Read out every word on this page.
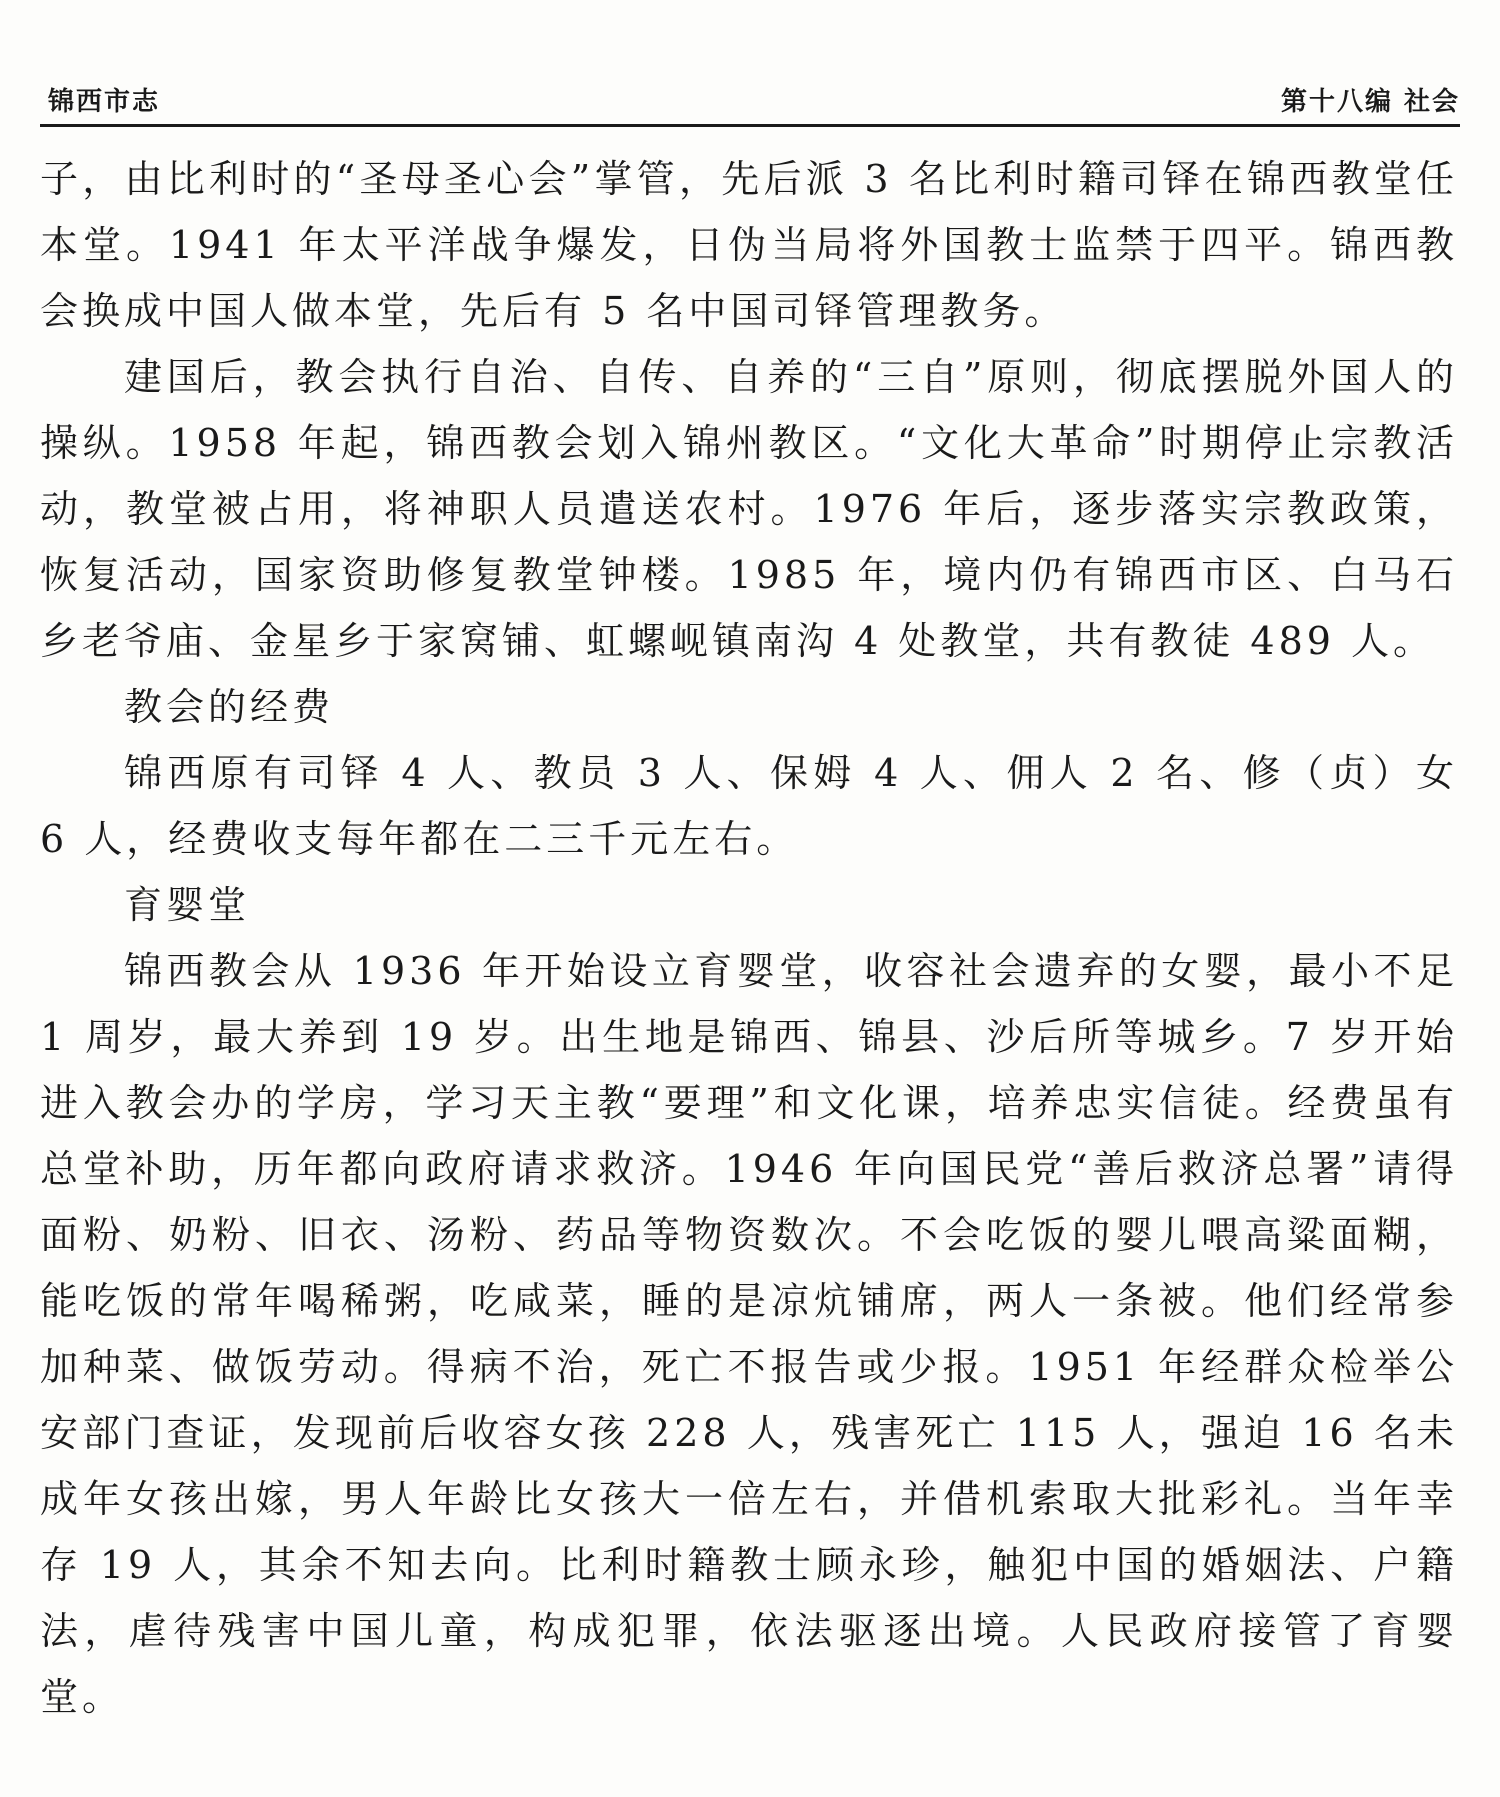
锦西市志	第十八编 社会

子，由比利时的“圣母圣心会”掌管，先后派 3 名比利时籍司铎在锦西教堂任本堂。1941 年太平洋战争爆发，日伪当局将外国教士监禁于四平。锦西教会换成中国人做本堂，先后有 5 名中国司铎管理教务。

建国后，教会执行自治、自传、自养的“三自”原则，彻底摆脱外国人的操纵。1958 年起，锦西教会划入锦州教区。“文化大革命”时期停止宗教活动，教堂被占用，将神职人员遣送农村。1976 年后，逐步落实宗教政策，恢复活动，国家资助修复教堂钟楼。1985 年，境内仍有锦西市区、白马石乡老爷庙、金星乡于家窝铺、虹螺岘镇南沟 4 处教堂，共有教徒 489 人。

教会的经费

锦西原有司铎 4 人、教员 3 人、保姆 4 人、佣人 2 名、修（贞）女 6 人，经费收支每年都在二三千元左右。

育婴堂

锦西教会从 1936 年开始设立育婴堂，收容社会遗弃的女婴，最小不足 1 周岁，最大养到 19 岁。出生地是锦西、锦县、沙后所等城乡。7 岁开始进入教会办的学房，学习天主教“要理”和文化课，培养忠实信徒。经费虽有总堂补助，历年都向政府请求救济。1946 年向国民党“善后救济总署”请得面粉、奶粉、旧衣、汤粉、药品等物资数次。不会吃饭的婴儿喂高粱面糊，能吃饭的常年喝稀粥，吃咸菜，睡的是凉炕铺席，两人一条被。他们经常参加种菜、做饭劳动。得病不治，死亡不报告或少报。1951 年经群众检举公安部门查证，发现前后收容女孩 228 人，残害死亡 115 人，强迫 16 名未成年女孩出嫁，男人年龄比女孩大一倍左右，并借机索取大批彩礼。当年幸存 19 人，其余不知去向。比利时籍教士顾永珍，触犯中国的婚姻法、户籍法，虐待残害中国儿童，构成犯罪，依法驱逐出境。人民政府接管了育婴堂。
